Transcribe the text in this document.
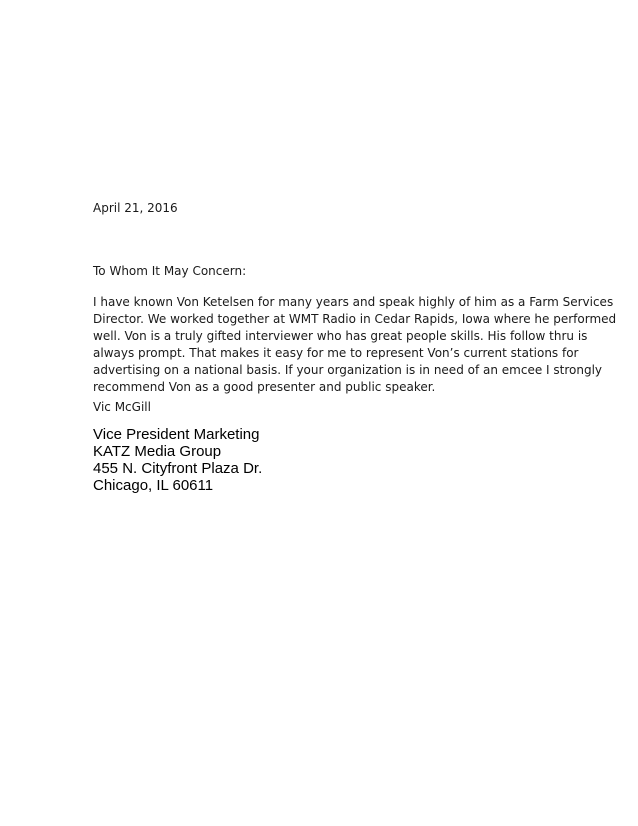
April 21, 2016

To Whom It May Concern:

I have known Von Ketelsen for many years and speak highly of him as a Farm Services
Director. We worked together at WMT Radio in Cedar Rapids, Iowa where he performed
well. Von is a truly gifted interviewer who has great people skills. His follow thru is
always prompt. That makes it easy for me to represent Von’s current stations for
advertising on a national basis. If your organization is in need of an emcee I strongly
recommend Von as a good presenter and public speaker.

Vic McGill

Vice President Marketing
KATZ Media Group
455 N. Cityfront Plaza Dr.
Chicago, IL 60611
